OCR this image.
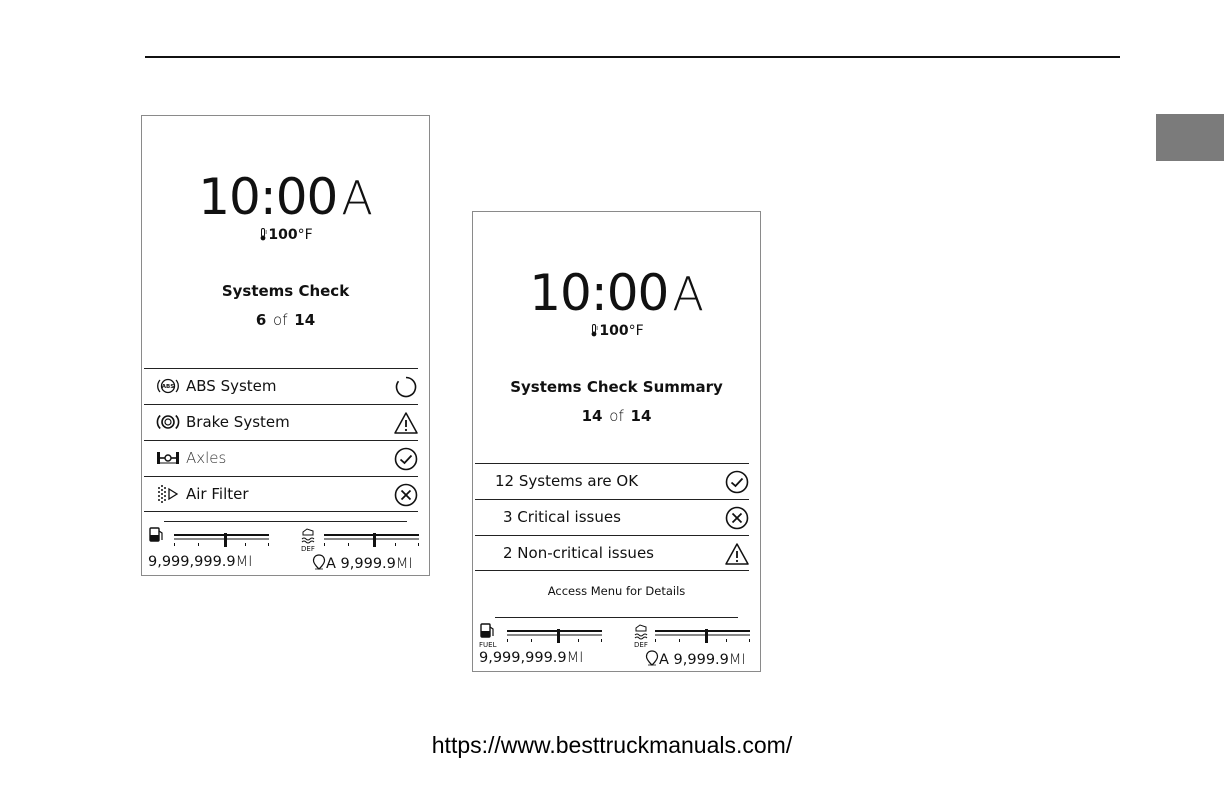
10:00A
100°F
Systems Check
6 of 14
ABS ABS System
Brake System
Axles
Air Filter
DEF
9,999,999.9MI	A 9,999.9MI
10:00A
100°F
Systems Check Summary
14 of 14
12 Systems are OK
3 Critical issues
2 Non-critical issues
Access Menu for Details
FUEL	DEF
9,999,999.9MI	A 9,999.9MI
https://www.besttruckmanuals.com/
